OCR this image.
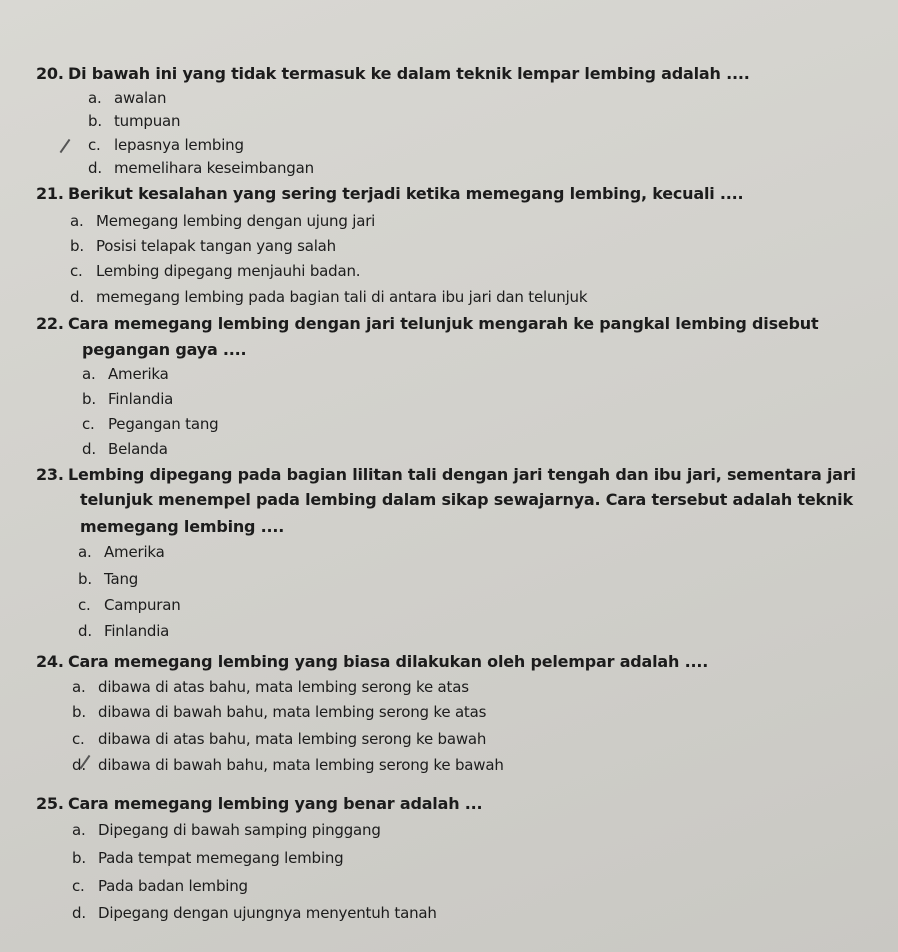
20. Di bawah ini yang tidak termasuk ke dalam teknik lempar lembing adalah ....
a. awalan
b. tumpuan
c. lepasnya lembing
d. memelihara keseimbangan
21. Berikut kesalahan yang sering terjadi ketika memegang lembing, kecuali ....
a. Memegang lembing dengan ujung jari
b. Posisi telapak tangan yang salah
c. Lembing dipegang menjauhi badan.
d. memegang lembing pada bagian tali di antara ibu jari dan telunjuk
22. Cara memegang lembing dengan jari telunjuk mengarah ke pangkal lembing disebut
pegangan gaya ....
a. Amerika
b. Finlandia
c. Pegangan tang
d. Belanda
23. Lembing dipegang pada bagian lilitan tali dengan jari tengah dan ibu jari, sementara jari
telunjuk menempel pada lembing dalam sikap sewajarnya. Cara tersebut adalah teknik
memegang lembing ....
a. Amerika
b. Tang
c. Campuran
d. Finlandia
24. Cara memegang lembing yang biasa dilakukan oleh pelempar adalah ....
a. dibawa di atas bahu, mata lembing serong ke atas
b. dibawa di bawah bahu, mata lembing serong ke atas
c. dibawa di atas bahu, mata lembing serong ke bawah
d. dibawa di bawah bahu, mata lembing serong ke bawah
25. Cara memegang lembing yang benar adalah ...
a. Dipegang di bawah samping pinggang
b. Pada tempat memegang lembing
c. Pada badan lembing
d. Dipegang dengan ujungnya menyentuh tanah
